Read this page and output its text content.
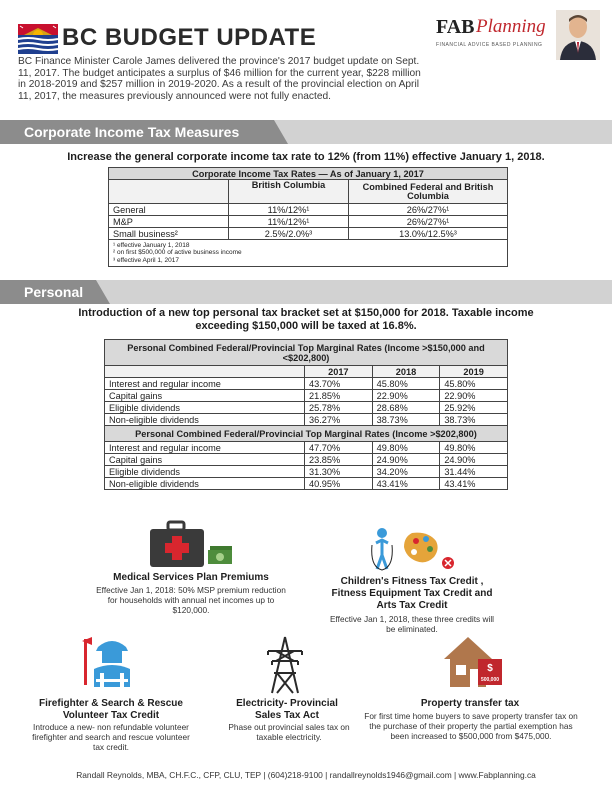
BC BUDGET UPDATE	FAB Planning
FINANCIAL ADVICE BASED PLANNING

BC Finance Minister Carole James delivered the province's 2017 budget update on Sept. 11, 2017. The budget anticipates a surplus of $46 million for the current year, $228 million in 2018-2019 and $257 million in 2019-2020. As a result of the provincial election on April 11, 2017, the measures previously announced were not fully enacted.

Corporate Income Tax Measures
Increase the general corporate income tax rate to 12% (from 11%) effective January 1, 2018.
Corporate Income Tax Rates — As of January 1, 2017		
	British Columbia	Combined Federal and British Columbia
General	11%/12%¹	26%/27%¹
M&P	11%/12%¹	26%/27%¹
Small business²	2.5%/2.0%³	13.0%/12.5%³

¹ effective January 1, 2018
² on first $500,000 of active business income
³ effective April 1, 2017		
Personal
Introduction of a new top personal tax bracket set at $150,000 for 2018. Taxable income exceeding $150,000 will be taxed at 16.8%.
Personal Combined Federal/Provincial Top Marginal Rates (Income >$150,000 and <$202,800)			
	2017	2018	2019
Interest and regular income	43.70%	45.80%	45.80%
Capital gains	21.85%	22.90%	22.90%
Eligible dividends	25.78%	28.68%	25.92%
Non-eligible dividends	36.27%	38.73%	38.73%
Personal Combined Federal/Provincial Top Marginal Rates (Income >$202,800)			
Interest and regular income	47.70%	49.80%	49.80%
Capital gains	23.85%	24.90%	24.90%
Eligible dividends	31.30%	34.20%	31.44%
Non-eligible dividends	40.95%	43.41%	43.41%
Medical Services Plan Premiums
Effective Jan 1, 2018: 50% MSP premium reduction for households with annual net incomes up to $120,000.
Children's Fitness Tax Credit , Fitness Equipment Tax Credit and Arts Tax Credit
Effective Jan 1, 2018, these three credits will be eliminated.
Firefighter & Search & Rescue Volunteer Tax Credit
Introduce a new- non refundable volunteer firefighter and search and rescue volunteer tax credit.
Electricity- Provincial Sales Tax Act
Phase out provincial sales tax on taxable electricity.
$
500,000
Property transfer tax
For first time home buyers to save property transfer tax on the purchase of their property the partial exemption has been increased to $500,000 from $475,000.
Randall Reynolds, MBA, CH.F.C., CFP, CLU, TEP | (604)218-9100 | randallreynolds1946@gmail.com | www.Fabplanning.ca
